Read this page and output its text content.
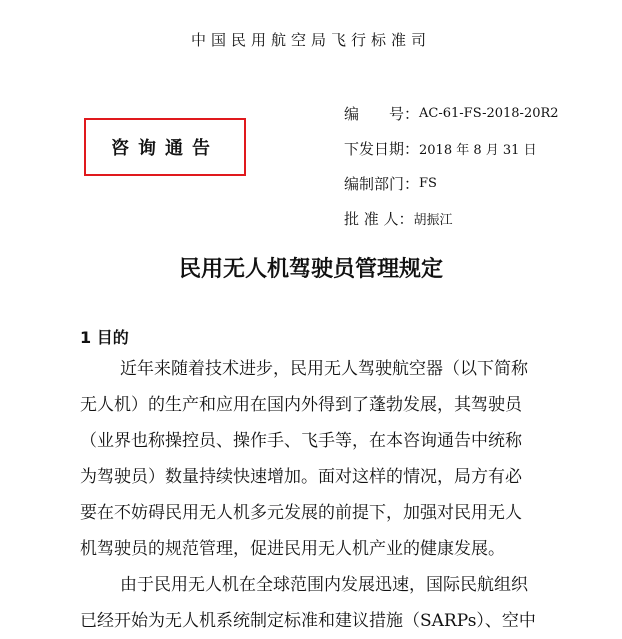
中国民用航空局飞行标准司
咨询通告
编　　号： AC-61-FS-2018-20R2
下发日期： 2018 年 8 月 31 日
编制部门： FS
批 准 人： 胡振江
民用无人机驾驶员管理规定
1 目的
近年来随着技术进步，民用无人驾驶航空器（以下简称
无人机）的生产和应用在国内外得到了蓬勃发展，其驾驶员
（业界也称操控员、操作手、飞手等，在本咨询通告中统称
为驾驶员）数量持续快速增加。面对这样的情况，局方有必
要在不妨碍民用无人机多元发展的前提下，加强对民用无人
机驾驶员的规范管理，促进民用无人机产业的健康发展。
由于民用无人机在全球范围内发展迅速，国际民航组织
已经开始为无人机系统制定标准和建议措施（SARPs）、空中
